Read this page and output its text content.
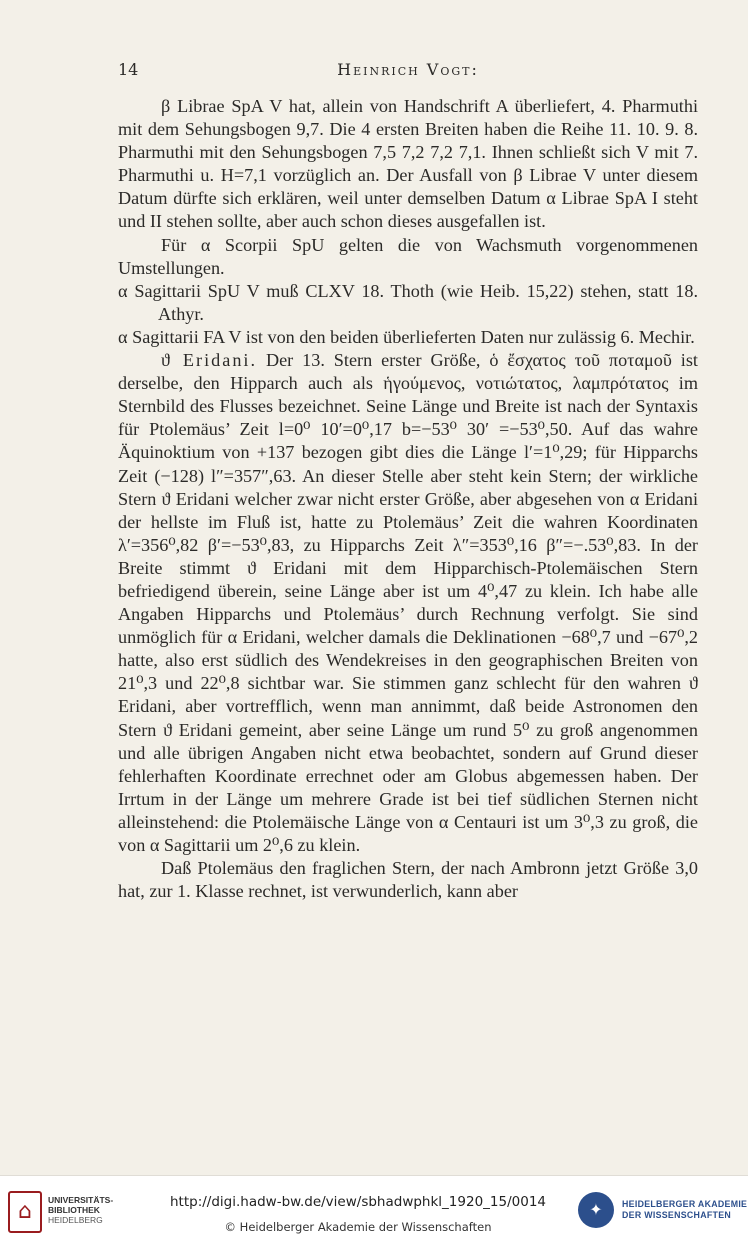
14	Heinrich Vogt:

β Librae SpA V hat, allein von Handschrift A überliefert, 4. Pharmuthi mit dem Sehungsbogen 9,7. Die 4 ersten Breiten haben die Reihe 11. 10. 9. 8. Pharmuthi mit den Sehungsbogen 7,5 7,2 7,2 7,1. Ihnen schließt sich V mit 7. Pharmuthi u. H=7,1 vorzüglich an. Der Ausfall von β Librae V unter diesem Datum dürfte sich erklären, weil unter demselben Datum α Librae SpA I steht und II stehen sollte, aber auch schon dieses ausgefallen ist.

Für α Scorpii SpU gelten die von Wachsmuth vorgenommenen Umstellungen.

α Sagittarii SpU V muß CLXV 18. Thoth (wie Heib. 15,22) stehen, statt 18. Athyr.

α Sagittarii FA V ist von den beiden überlieferten Daten nur zulässig 6. Mechir.

ϑ Eridani. Der 13. Stern erster Größe, ὁ ἔσχατος τοῦ ποταμοῦ ist derselbe, den Hipparch auch als ἡγούμενος, νοτιώτατος, λαμπρότατος im Sternbild des Flusses bezeichnet. Seine Länge und Breite ist nach der Syntaxis für Ptolemäus’ Zeit l=0⁰ 10′=0⁰,17 b=−53⁰ 30′ =−53⁰,50. Auf das wahre Äquinoktium von +137 bezogen gibt dies die Länge l′=1⁰,29; für Hipparchs Zeit (−128) l″=357″,63. An dieser Stelle aber steht kein Stern; der wirkliche Stern ϑ Eridani welcher zwar nicht erster Größe, aber abgesehen von α Eridani der hellste im Fluß ist, hatte zu Ptolemäus’ Zeit die wahren Koordinaten λ′=356⁰,82 β′=−53⁰,83, zu Hipparchs Zeit λ″=353⁰,16 β″=−.53⁰,83. In der Breite stimmt ϑ Eridani mit dem Hipparchisch-Ptolemäischen Stern befriedigend überein, seine Länge aber ist um 4⁰,47 zu klein. Ich habe alle Angaben Hipparchs und Ptolemäus’ durch Rechnung verfolgt. Sie sind unmöglich für α Eridani, welcher damals die Deklinationen −68⁰,7 und −67⁰,2 hatte, also erst südlich des Wendekreises in den geographischen Breiten von 21⁰,3 und 22⁰,8 sichtbar war. Sie stimmen ganz schlecht für den wahren ϑ Eridani, aber vortrefflich, wenn man annimmt, daß beide Astronomen den Stern ϑ Eridani gemeint, aber seine Länge um rund 5⁰ zu groß angenommen und alle übrigen Angaben nicht etwa beobachtet, sondern auf Grund dieser fehlerhaften Koordinate errechnet oder am Globus abgemessen haben. Der Irrtum in der Länge um mehrere Grade ist bei tief südlichen Sternen nicht alleinstehend: die Ptolemäische Länge von α Centauri ist um 3⁰,3 zu groß, die von α Sagittarii um 2⁰,6 zu klein.

Daß Ptolemäus den fraglichen Stern, der nach Ambronn jetzt Größe 3,0 hat, zur 1. Klasse rechnet, ist verwunderlich, kann aber

⌂	UNIVERSITÄTS-
BIBLIOTHEK
HEIDELBERG
http://digi.hadw-bw.de/view/sbhadwphkl_1920_15/0014
© Heidelberger Akademie der Wissenschaften
✦	HEIDELBERGER AKADEMIE
DER WISSENSCHAFTEN
